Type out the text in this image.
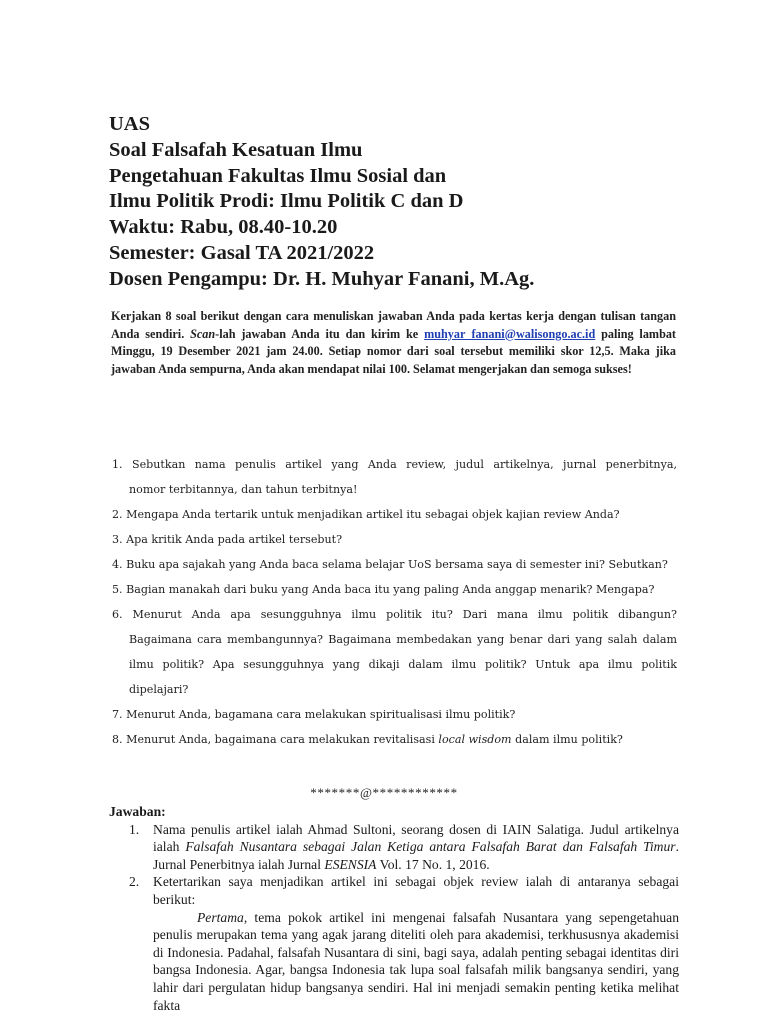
UAS
Soal Falsafah Kesatuan Ilmu
Pengetahuan Fakultas Ilmu Sosial dan
Ilmu Politik Prodi: Ilmu Politik C dan D
Waktu: Rabu, 08.40-10.20
Semester: Gasal TA 2021/2022
Dosen Pengampu: Dr. H. Muhyar Fanani, M.Ag.
Kerjakan 8 soal berikut dengan cara menuliskan jawaban Anda pada kertas kerja dengan tulisan tangan Anda sendiri. Scan-lah jawaban Anda itu dan kirim ke muhyar_fanani@walisongo.ac.id paling lambat Minggu, 19 Desember 2021 jam 24.00. Setiap nomor dari soal tersebut memiliki skor 12,5. Maka jika jawaban Anda sempurna, Anda akan mendapat nilai 100. Selamat mengerjakan dan semoga sukses!
1. Sebutkan nama penulis artikel yang Anda review, judul artikelnya, jurnal penerbitnya,
nomor terbitannya, dan tahun terbitnya!
2. Mengapa Anda tertarik untuk menjadikan artikel itu sebagai objek kajian review Anda?
3. Apa kritik Anda pada artikel tersebut?
4. Buku apa sajakah yang Anda baca selama belajar UoS bersama saya di semester ini? Sebutkan?
5. Bagian manakah dari buku yang Anda baca itu yang paling Anda anggap menarik? Mengapa?
6. Menurut Anda apa sesungguhnya ilmu politik itu? Dari mana ilmu politik dibangun?
Bagaimana cara membangunnya? Bagaimana membedakan yang benar dari yang salah dalam
ilmu politik? Apa sesungguhnya yang dikaji dalam ilmu politik? Untuk apa ilmu politik
dipelajari?
7. Menurut Anda, bagamana cara melakukan spiritualisasi ilmu politik?
8. Menurut Anda, bagaimana cara melakukan revitalisasi local wisdom dalam ilmu politik?
*******@************
Jawaban:
1. Nama penulis artikel ialah Ahmad Sultoni, seorang dosen di IAIN Salatiga. Judul artikelnya ialah Falsafah Nusantara sebagai Jalan Ketiga antara Falsafah Barat dan Falsafah Timur. Jurnal Penerbitnya ialah Jurnal ESENSIA Vol. 17 No. 1, 2016.
2. Ketertarikan saya menjadikan artikel ini sebagai objek review ialah di antaranya sebagai berikut:
Pertama, tema pokok artikel ini mengenai falsafah Nusantara yang sepengetahuan penulis merupakan tema yang agak jarang diteliti oleh para akademisi, terkhususnya akademisi di Indonesia. Padahal, falsafah Nusantara di sini, bagi saya, adalah penting sebagai identitas diri bangsa Indonesia. Agar, bangsa Indonesia tak lupa soal falsafah milik bangsanya sendiri, yang lahir dari pergulatan hidup bangsanya sendiri. Hal ini menjadi semakin penting ketika melihat fakta
